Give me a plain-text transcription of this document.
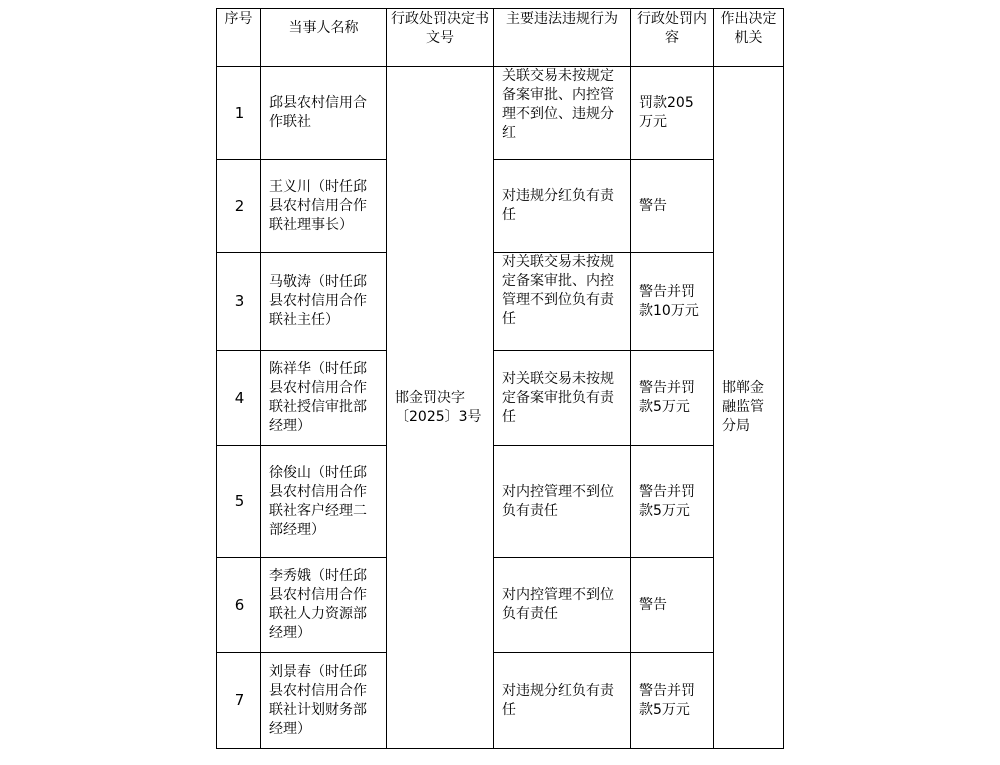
序号	当事人名称	行政处罚决定书文号	主要违法违规行为	行政处罚内容	作出决定机关
1	邱县农村信用合作联社	邯金罚决字〔2025〕3号	关联交易未按规定备案审批、内控管理不到位、违规分红	罚款205万元	邯郸金融监管分局
2	王义川（时任邱县农村信用合作联社理事长）		对违规分红负有责任	警告	
3	马敬涛（时任邱县农村信用合作联社主任）		对关联交易未按规定备案审批、内控管理不到位负有责任	警告并罚款10万元	
4	陈祥华（时任邱县农村信用合作联社授信审批部经理）		对关联交易未按规定备案审批负有责任	警告并罚款5万元	
5	徐俊山（时任邱县农村信用合作联社客户经理二部经理）		对内控管理不到位负有责任	警告并罚款5万元	
6	李秀娥（时任邱县农村信用合作联社人力资源部经理）		对内控管理不到位负有责任	警告	
7	刘景春（时任邱县农村信用合作联社计划财务部经理）		对违规分红负有责任	警告并罚款5万元	
